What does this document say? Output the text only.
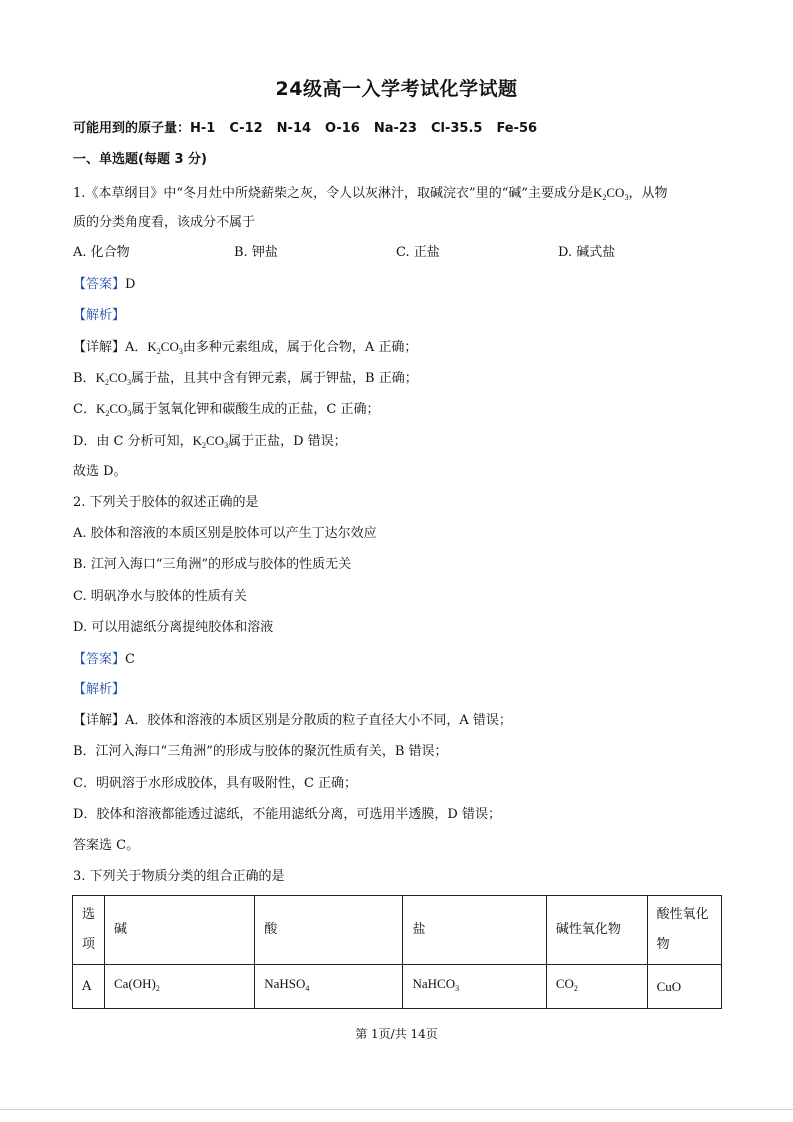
24级高一入学考试化学试题
可能用到的原子量：H-1 C-12 N-14 O-16 Na-23 Cl-35.5 Fe-56
一、单选题(每题 3 分)
1.《本草纲目》中“冬月灶中所烧薪柴之灰，令人以灰淋汁，取碱浣衣”里的“碱”主要成分是$K_2CO_3$，从物
质的分类角度看，该成分不属于
A. 化合物	B. 钾盐	C. 正盐	D. 碱式盐
【答案】D
【解析】
【详解】A．$K_2CO_3$由多种元素组成，属于化合物，A 正确；
B．$K_2CO_3$属于盐，且其中含有钾元素，属于钾盐，B 正确；
C．$K_2CO_3$属于氢氧化钾和碳酸生成的正盐，C 正确；
D．由 C 分析可知，$K_2CO_3$属于正盐，D 错误；
故选 D。
2. 下列关于胶体的叙述正确的是
A. 胶体和溶液的本质区别是胶体可以产生丁达尔效应
B. 江河入海口“三角洲”的形成与胶体的性质无关
C. 明矾净水与胶体的性质有关
D. 可以用滤纸分离提纯胶体和溶液
【答案】C
【解析】
【详解】A．胶体和溶液的本质区别是分散质的粒子直径大小不同，A 错误；
B．江河入海口“三角洲”的形成与胶体的聚沉性质有关，B 错误；
C．明矾溶于水形成胶体，具有吸附性，C 正确；
D．胶体和溶液都能透过滤纸，不能用滤纸分离，可选用半透膜，D 错误；
答案选 C。
3. 下列关于物质分类的组合正确的是
选项	碱	酸	盐	碱性氧化物	酸性氧化物
A	$Ca(OH)_2$	NaHSO$_4$	NaHCO$_3$	$CO_2$	CuO
第 1页/共 14页
